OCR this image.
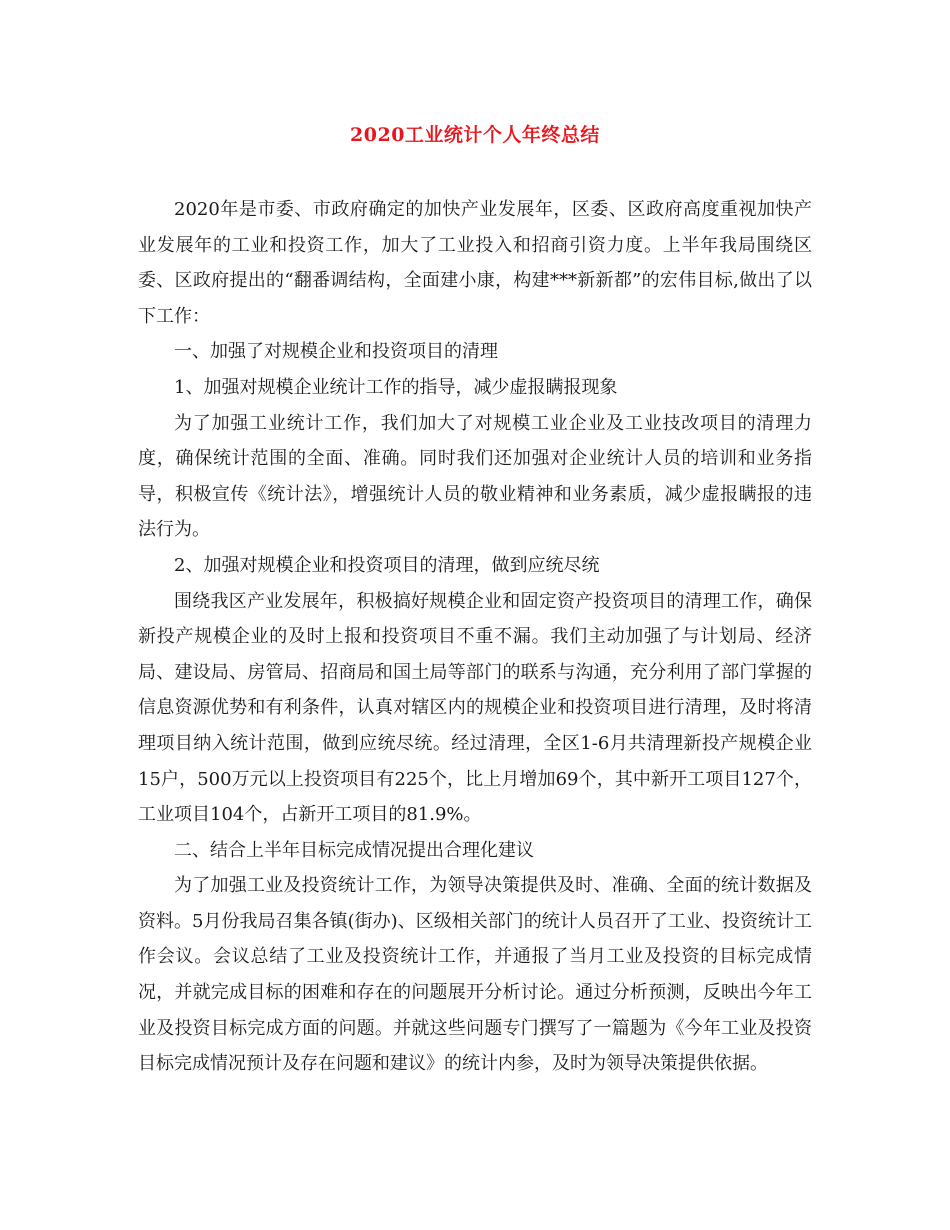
2020工业统计个人年终总结

2020年是市委、市政府确定的加快产业发展年，区委、区政府高度重视加快产业发展年的工业和投资工作，加大了工业投入和招商引资力度。上半年我局围绕区委、区政府提出的“翻番调结构，全面建小康，构建***新新都”的宏伟目标,做出了以下工作：

一、加强了对规模企业和投资项目的清理

1、加强对规模企业统计工作的指导，减少虚报瞒报现象

为了加强工业统计工作，我们加大了对规模工业企业及工业技改项目的清理力度，确保统计范围的全面、准确。同时我们还加强对企业统计人员的培训和业务指导，积极宣传《统计法》，增强统计人员的敬业精神和业务素质，减少虚报瞒报的违法行为。

2、加强对规模企业和投资项目的清理，做到应统尽统

围绕我区产业发展年，积极搞好规模企业和固定资产投资项目的清理工作，确保新投产规模企业的及时上报和投资项目不重不漏。我们主动加强了与计划局、经济局、建设局、房管局、招商局和国土局等部门的联系与沟通，充分利用了部门掌握的信息资源优势和有利条件，认真对辖区内的规模企业和投资项目进行清理，及时将清理项目纳入统计范围，做到应统尽统。经过清理，全区1-6月共清理新投产规模企业15户，500万元以上投资项目有225个，比上月增加69个，其中新开工项目127个，工业项目104个，占新开工项目的81.9%。

二、结合上半年目标完成情况提出合理化建议

为了加强工业及投资统计工作，为领导决策提供及时、准确、全面的统计数据及资料。5月份我局召集各镇(街办)、区级相关部门的统计人员召开了工业、投资统计工作会议。会议总结了工业及投资统计工作，并通报了当月工业及投资的目标完成情况，并就完成目标的困难和存在的问题展开分析讨论。通过分析预测，反映出今年工业及投资目标完成方面的问题。并就这些问题专门撰写了一篇题为《今年工业及投资目标完成情况预计及存在问题和建议》的统计内参，及时为领导决策提供依据。
